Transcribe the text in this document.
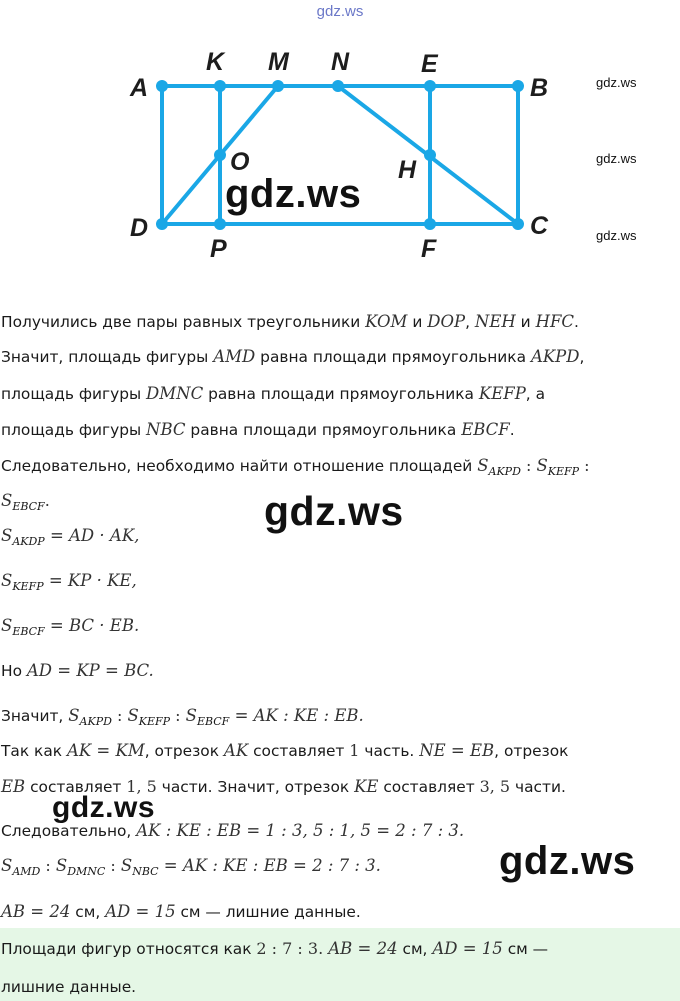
gdz.ws
A
K M N	E
B
O	H
D
P	F
C
gdz.ws
gdz.ws
gdz.ws
gdz.ws
Получились две пары равных треугольники KOM и DOP, NEH и HFC.
Значит, площадь фигуры AMD равна площади прямоугольника AKPD,
площадь фигуры DMNC равна площади прямоугольника KEFP, а
площадь фигуры NBC равна площади прямоугольника EBCF.
Следовательно, необходимо найти отношение площадей $S_{AKPD}$ : $S_{KEFP}$ :
$S_{EBCF}$.	gdz.ws
$S_{AKDP}$ = AD · AK,
$S_{KEFP}$ = KP · KE,
$S_{EBCF}$ = BC · EB.
Но AD = KP = BC.
Значит, $S_{AKPD}$ : $S_{KEFP}$ : $S_{EBCF}$ = AK : KE : EB.
Так как AK = KM, отрезок AK составляет 1 часть. NE = EB, отрезок
EB составляет 1, 5 части. Значит, отрезок KE составляет 3, 5 части.
gdz.ws
Следовательно, AK : KE : EB = 1 : 3, 5 : 1, 5 = 2 : 7 : 3.
$S_{AMD}$ : $S_{DMNC}$ : $S_{NBC}$ = AK : KE : EB = 2 : 7 : 3.	gdz.ws
AB = 24 см, AD = 15 см — лишние данные.
Площади фигур относятся как 2 : 7 : 3. AB = 24 см, AD = 15 см —
лишние данные.
